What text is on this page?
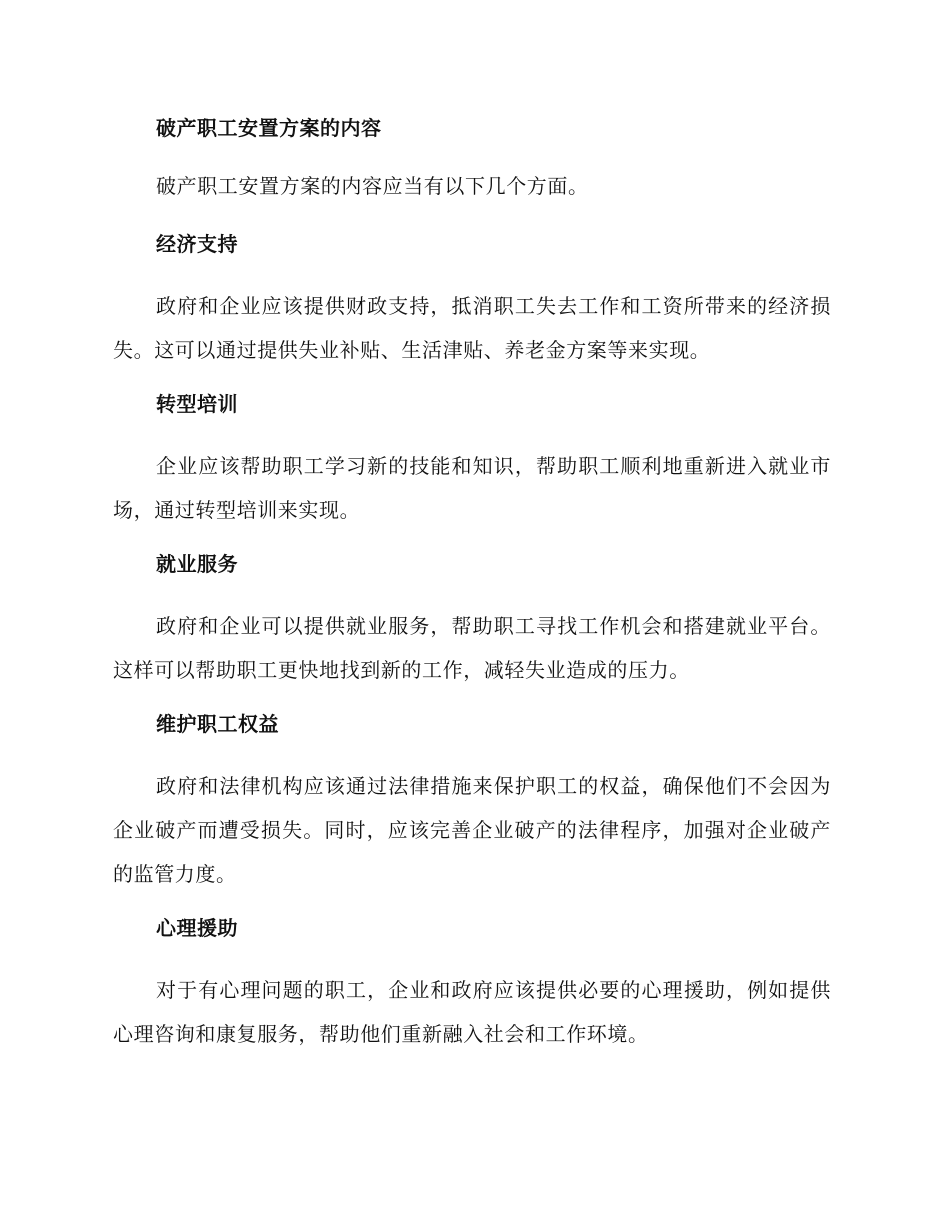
破产职工安置方案的内容

破产职工安置方案的内容应当有以下几个方面。

经济支持

政府和企业应该提供财政支持，抵消职工失去工作和工资所带来的经济损失。这可以通过提供失业补贴、生活津贴、养老金方案等来实现。

转型培训

企业应该帮助职工学习新的技能和知识，帮助职工顺利地重新进入就业市场，通过转型培训来实现。

就业服务

政府和企业可以提供就业服务，帮助职工寻找工作机会和搭建就业平台。这样可以帮助职工更快地找到新的工作，减轻失业造成的压力。

维护职工权益

政府和法律机构应该通过法律措施来保护职工的权益，确保他们不会因为企业破产而遭受损失。同时，应该完善企业破产的法律程序，加强对企业破产的监管力度。

心理援助

对于有心理问题的职工，企业和政府应该提供必要的心理援助，例如提供心理咨询和康复服务，帮助他们重新融入社会和工作环境。
